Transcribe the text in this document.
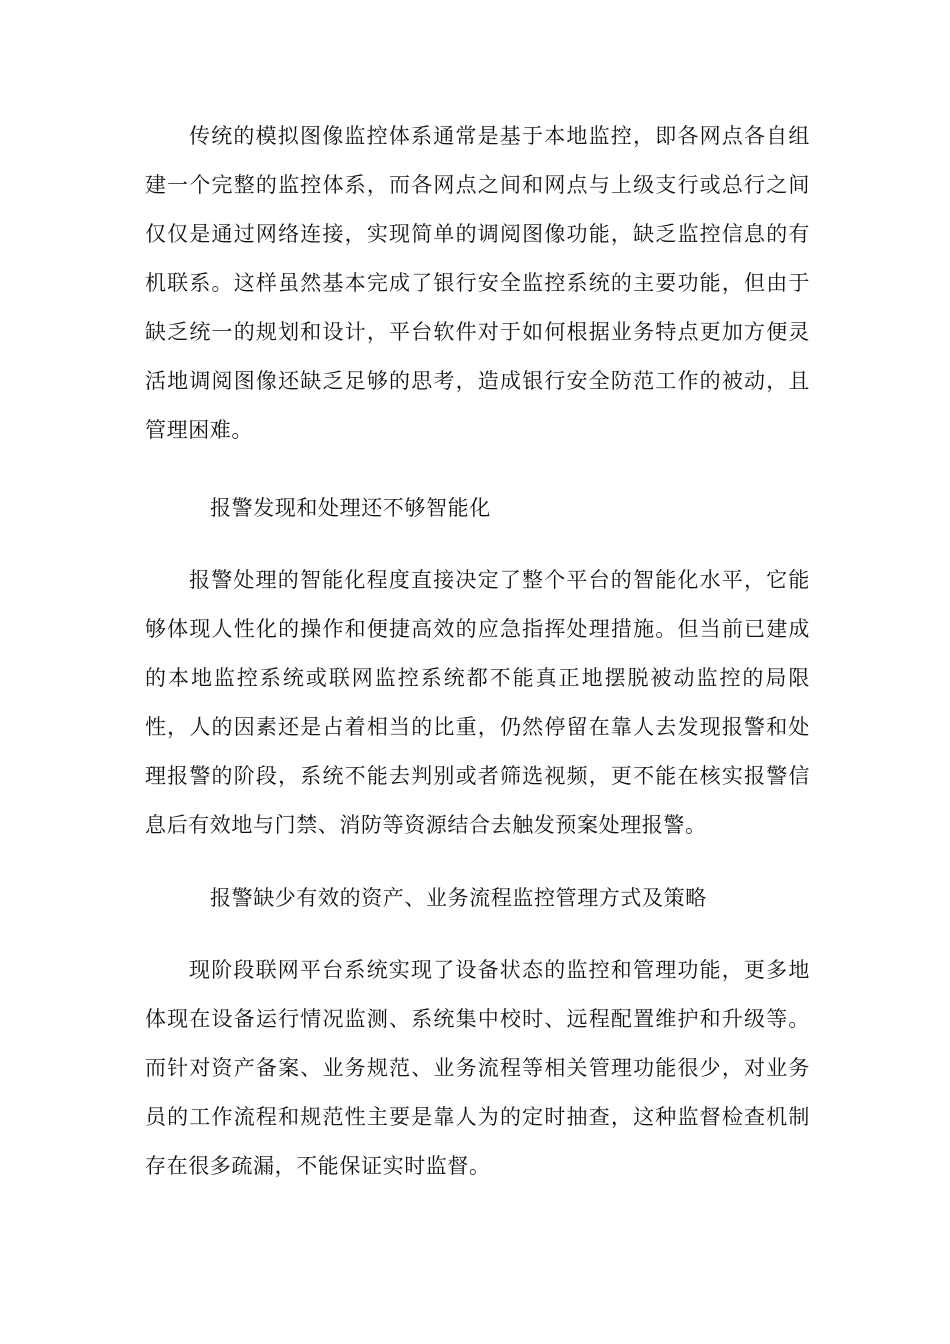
传统的模拟图像监控体系通常是基于本地监控，即各网点各自组建一个完整的监控体系，而各网点之间和网点与上级支行或总行之间仅仅是通过网络连接，实现简单的调阅图像功能，缺乏监控信息的有机联系。这样虽然基本完成了银行安全监控系统的主要功能，但由于缺乏统一的规划和设计，平台软件对于如何根据业务特点更加方便灵活地调阅图像还缺乏足够的思考，造成银行安全防范工作的被动，且管理困难。

报警发现和处理还不够智能化

报警处理的智能化程度直接决定了整个平台的智能化水平，它能够体现人性化的操作和便捷高效的应急指挥处理措施。但当前已建成的本地监控系统或联网监控系统都不能真正地摆脱被动监控的局限性，人的因素还是占着相当的比重，仍然停留在靠人去发现报警和处理报警的阶段，系统不能去判别或者筛选视频，更不能在核实报警信息后有效地与门禁、消防等资源结合去触发预案处理报警。

报警缺少有效的资产、业务流程监控管理方式及策略

现阶段联网平台系统实现了设备状态的监控和管理功能，更多地体现在设备运行情况监测、系统集中校时、远程配置维护和升级等。而针对资产备案、业务规范、业务流程等相关管理功能很少，对业务员的工作流程和规范性主要是靠人为的定时抽查，这种监督检查机制存在很多疏漏，不能保证实时监督。
